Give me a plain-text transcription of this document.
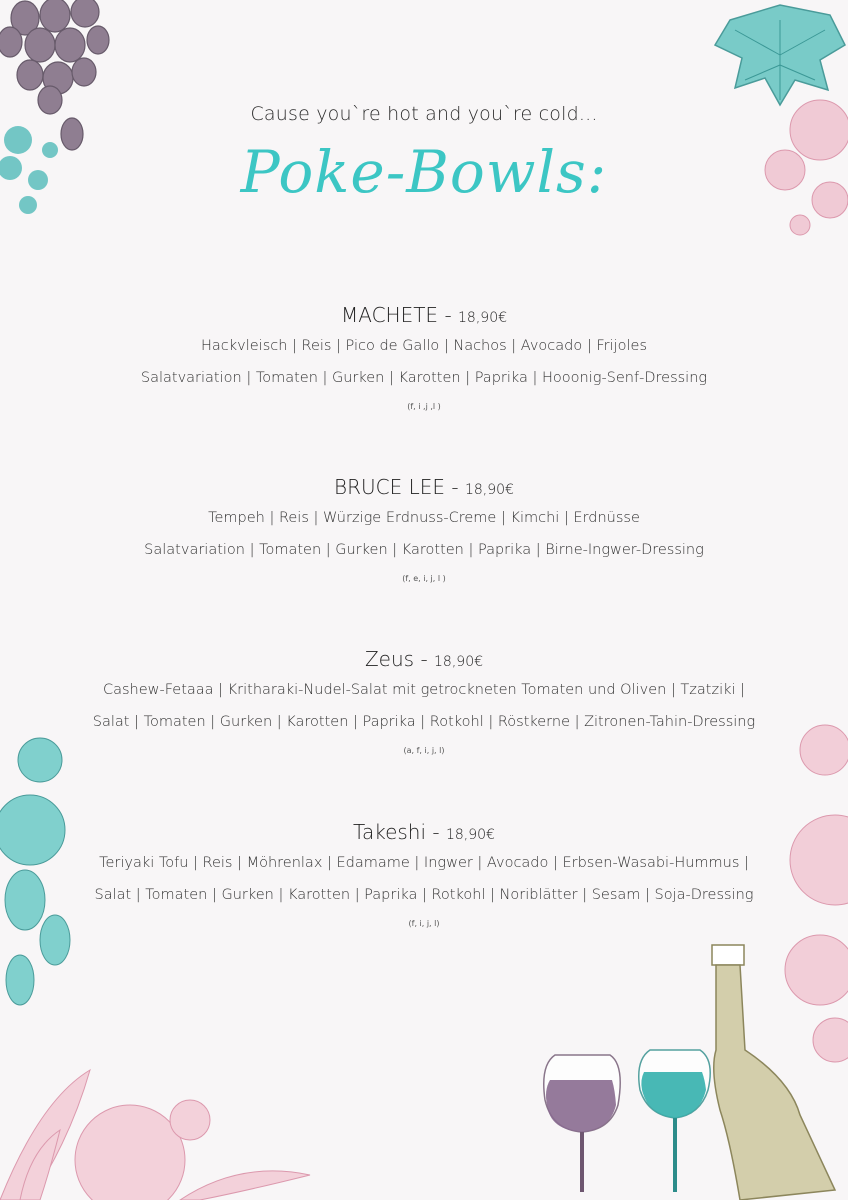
Cause you`re hot and you`re cold...
Poke-Bowls:
MACHETE - 18,90€
Hackvleisch | Reis | Pico de Gallo | Nachos | Avocado | Frijoles
Salatvariation | Tomaten | Gurken | Karotten | Paprika | Hooonig-Senf-Dressing
(f, i ,j ,l )
BRUCE LEE - 18,90€
Tempeh | Reis | Würzige Erdnuss-Creme | Kimchi | Erdnüsse
Salatvariation | Tomaten | Gurken | Karotten | Paprika | Birne-Ingwer-Dressing
(f, e, i, j, l )
Zeus - 18,90€
Cashew-Fetaaa | Kritharaki-Nudel-Salat mit getrockneten Tomaten und Oliven | Tzatziki |
Salat | Tomaten | Gurken | Karotten | Paprika | Rotkohl | Röstkerne | Zitronen-Tahin-Dressing
(a, f, i, j, l)
Takeshi - 18,90€
Teriyaki Tofu | Reis | Möhrenlax | Edamame | Ingwer | Avocado | Erbsen-Wasabi-Hummus |
Salat | Tomaten | Gurken | Karotten | Paprika | Rotkohl | Noriblätter | Sesam | Soja-Dressing
(f, i, j, l)
